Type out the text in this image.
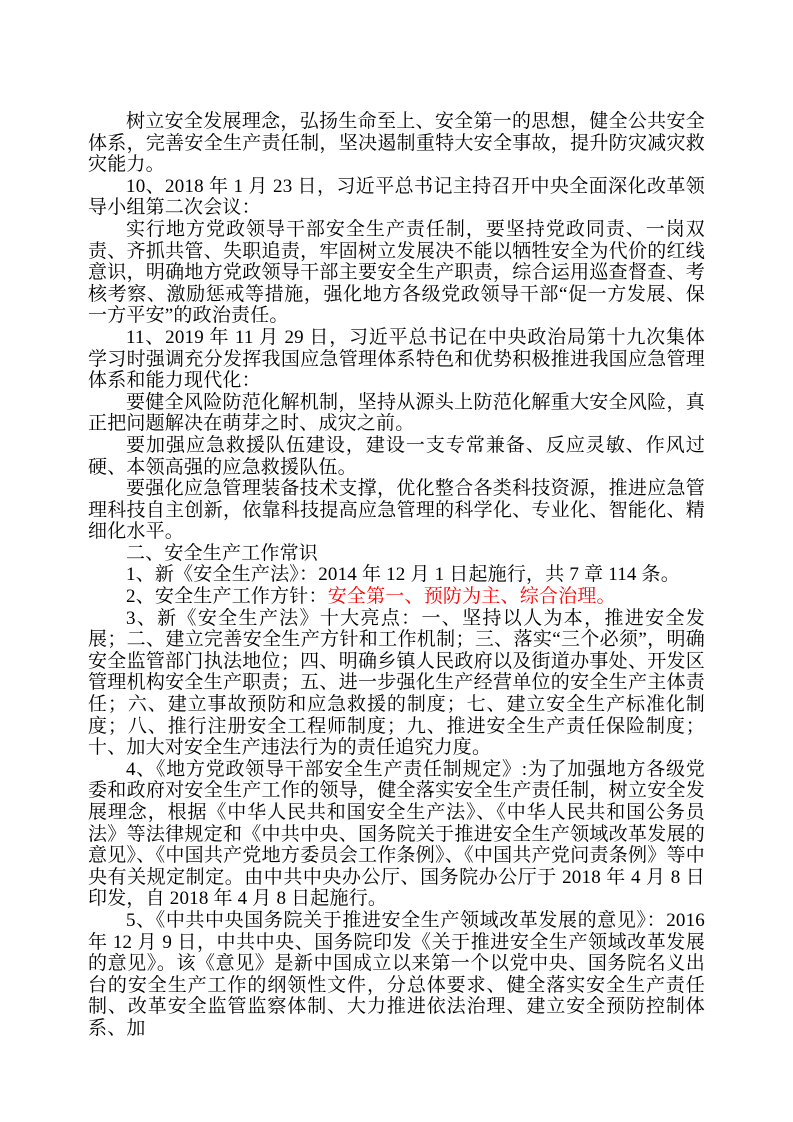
树立安全发展理念，弘扬生命至上、安全第一的思想，健全公共安全体系，完善安全生产责任制，坚决遏制重特大安全事故，提升防灾减灾救灾能力。

10、2018 年 1 月 23 日，习近平总书记主持召开中央全面深化改革领导小组第二次会议：

实行地方党政领导干部安全生产责任制，要坚持党政同责、一岗双责、齐抓共管、失职追责，牢固树立发展决不能以牺牲安全为代价的红线意识，明确地方党政领导干部主要安全生产职责，综合运用巡查督查、考核考察、激励惩戒等措施，强化地方各级党政领导干部“促一方发展、保一方平安”的政治责任。

11、2019 年 11 月 29 日，习近平总书记在中央政治局第十九次集体学习时强调充分发挥我国应急管理体系特色和优势积极推进我国应急管理体系和能力现代化：

要健全风险防范化解机制，坚持从源头上防范化解重大安全风险，真正把问题解决在萌芽之时、成灾之前。

要加强应急救援队伍建设，建设一支专常兼备、反应灵敏、作风过硬、本领高强的应急救援队伍。

要强化应急管理装备技术支撑，优化整合各类科技资源，推进应急管理科技自主创新，依靠科技提高应急管理的科学化、专业化、智能化、精细化水平。

二、安全生产工作常识

1、新《安全生产法》：2014 年 12 月 1 日起施行，共 7 章 114 条。

2、安全生产工作方针：安全第一、预防为主、综合治理。

3、新《安全生产法》十大亮点：一、坚持以人为本，推进安全发展；二、建立完善安全生产方针和工作机制；三、落实“三个必须”，明确安全监管部门执法地位；四、明确乡镇人民政府以及街道办事处、开发区管理机构安全生产职责；五、进一步强化生产经营单位的安全生产主体责任；六、建立事故预防和应急救援的制度；七、建立安全生产标准化制度；八、推行注册安全工程师制度；九、推进安全生产责任保险制度；十、加大对安全生产违法行为的责任追究力度。

4、《地方党政领导干部安全生产责任制规定》:为了加强地方各级党委和政府对安全生产工作的领导，健全落实安全生产责任制，树立安全发展理念，根据《中华人民共和国安全生产法》、《中华人民共和国公务员法》等法律规定和《中共中央、国务院关于推进安全生产领域改革发展的意见》、《中国共产党地方委员会工作条例》、《中国共产党问责条例》等中央有关规定制定。由中共中央办公厅、国务院办公厅于 2018 年 4 月 8 日印发，自 2018 年 4 月 8 日起施行。

5、《中共中央国务院关于推进安全生产领域改革发展的意见》：2016 年 12 月 9 日，中共中央、国务院印发《关于推进安全生产领域改革发展的意见》。该《意见》是新中国成立以来第一个以党中央、国务院名义出台的安全生产工作的纲领性文件，分总体要求、健全落实安全生产责任制、改革安全监管监察体制、大力推进依法治理、建立安全预防控制体系、加
